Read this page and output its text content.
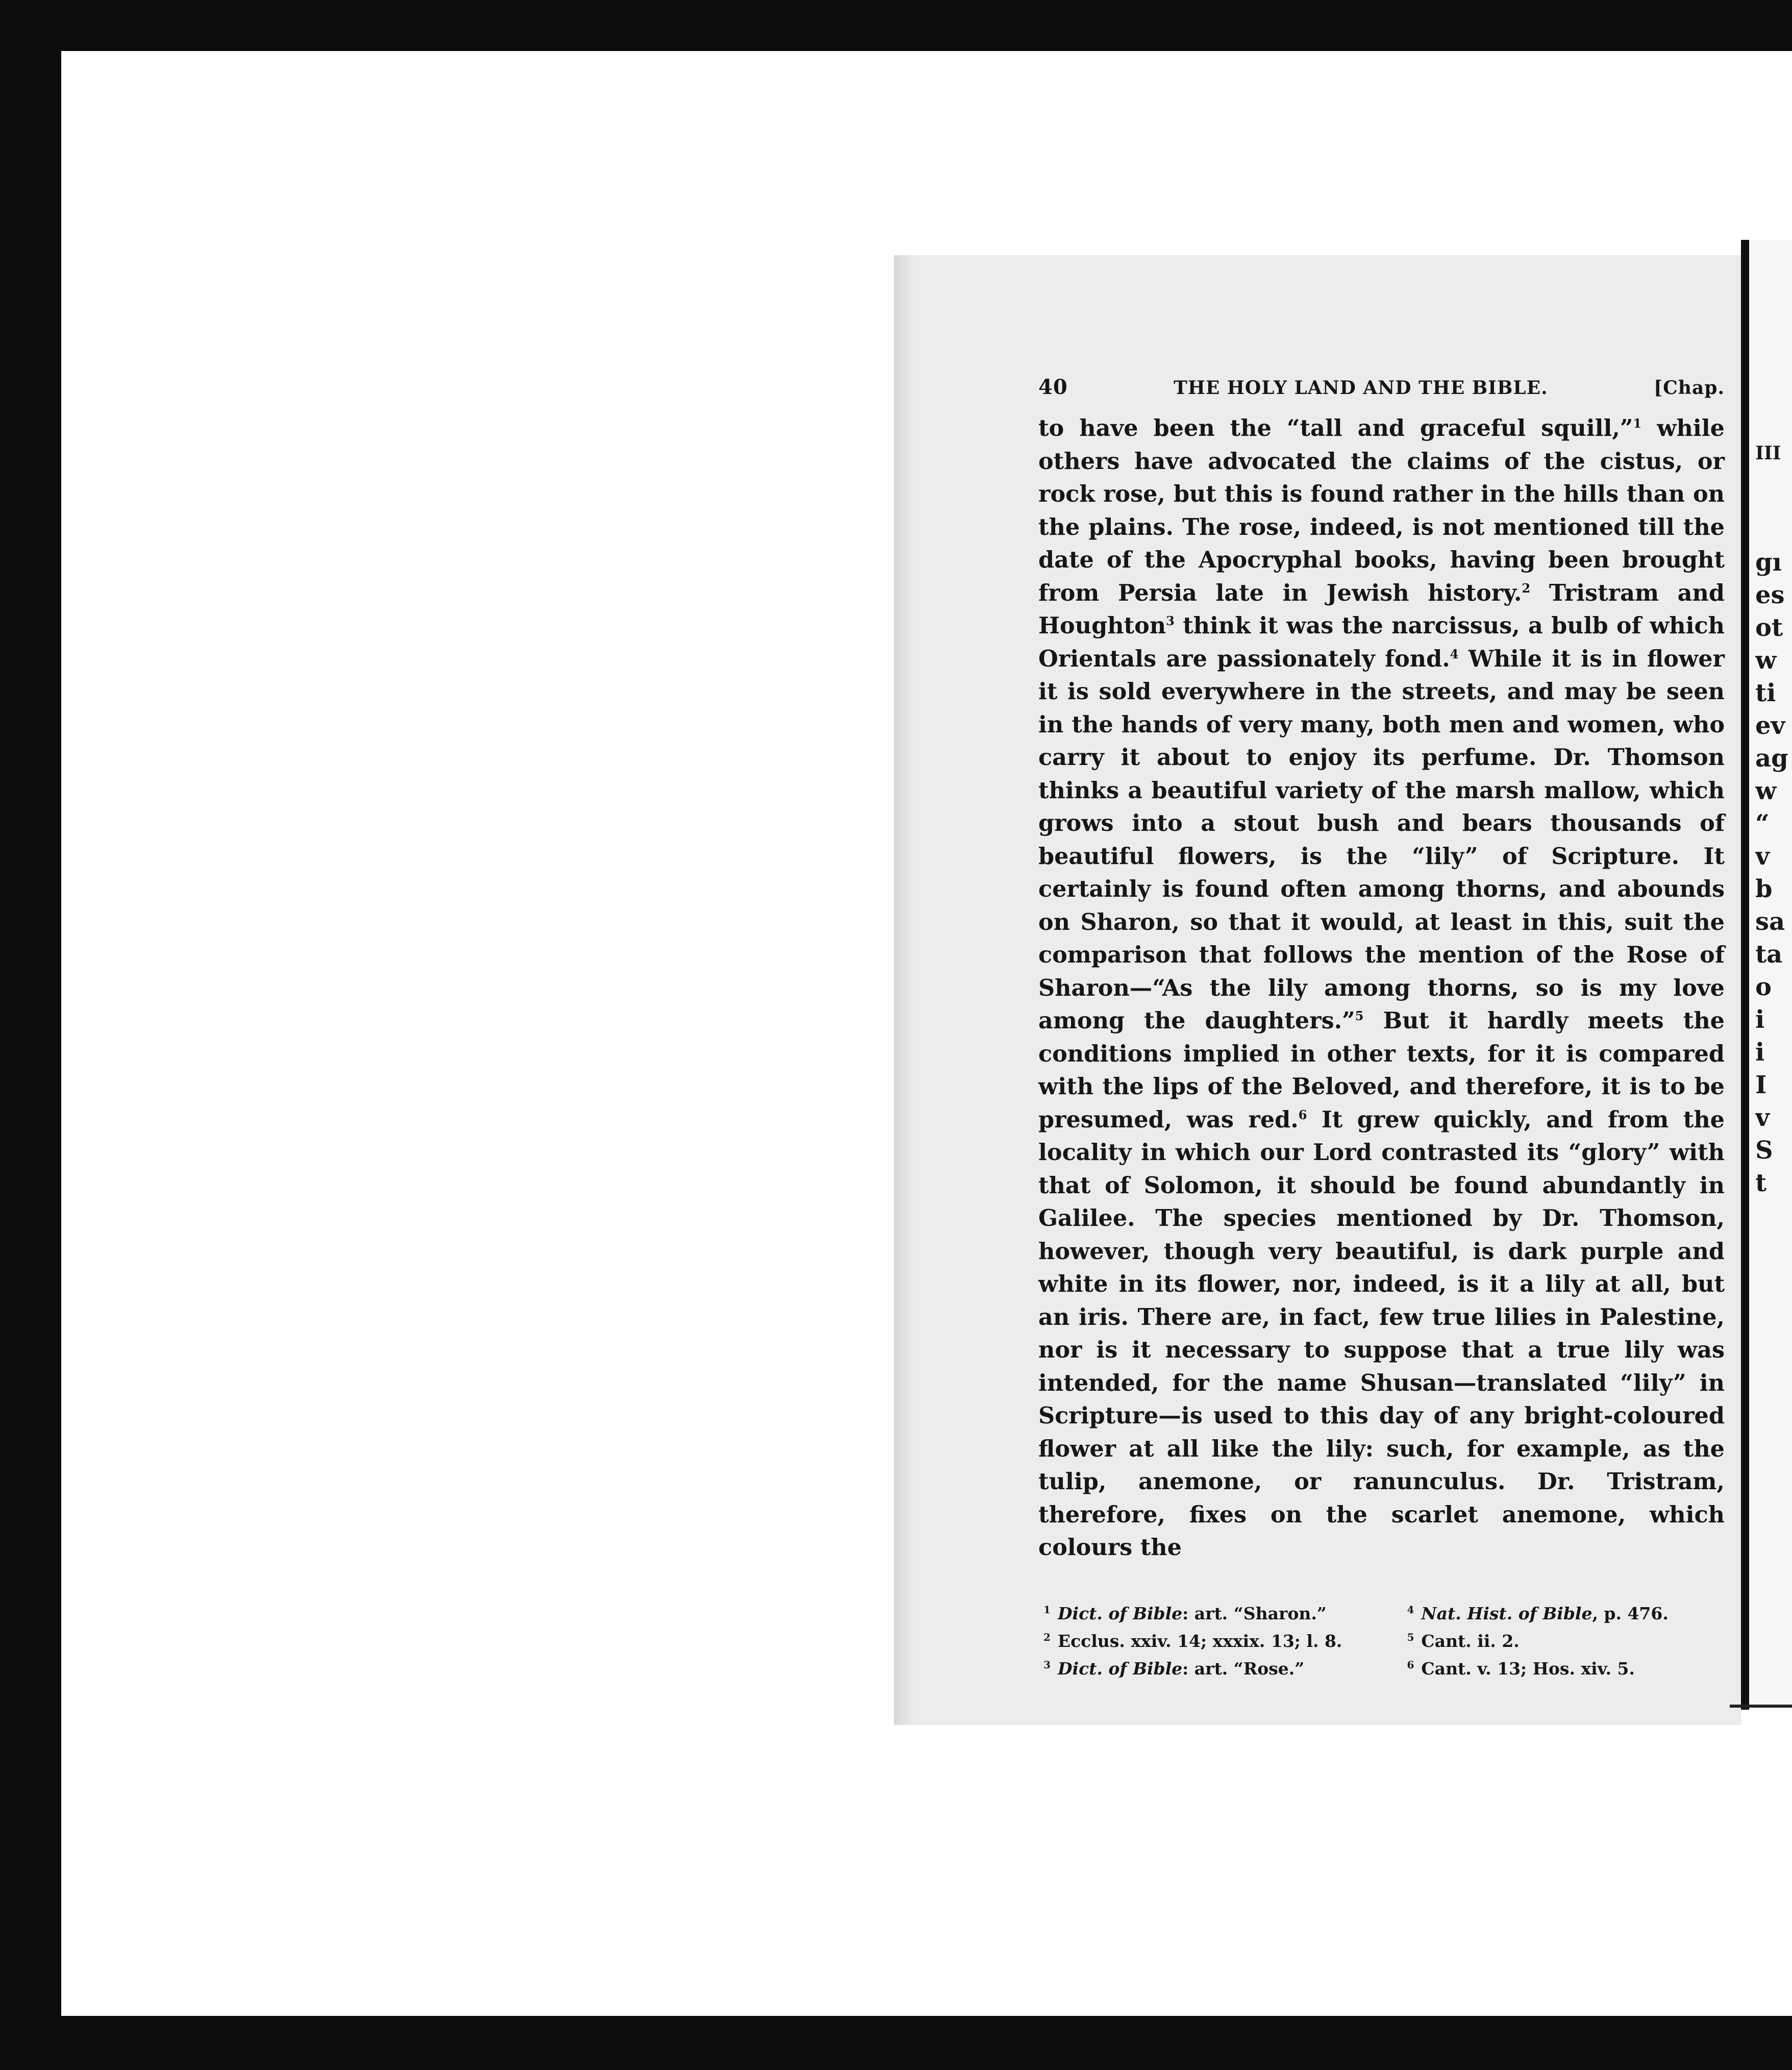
III

gı
es
ot
w
ti
eᴠ
ag
w
“
v
b
sa
ta
o
i
i
I
v
S
t

40	THE HOLY LAND AND THE BIBLE.	[Chap.

to have been the “tall and graceful squill,”$^1$ while others have advocated the claims of the cistus, or rock rose, but this is found rather in the hills than on the plains. The rose, indeed, is not mentioned till the date of the Apocryphal books, having been brought from Persia late in Jewish history.$^2$ Tristram and Houghton$^3$ think it was the narcissus, a bulb of which Orientals are passionately fond.$^4$ While it is in flower it is sold everywhere in the streets, and may be seen in the hands of very many, both men and women, who carry it about to enjoy its perfume. Dr. Thomson thinks a beautiful variety of the marsh mallow, which grows into a stout bush and bears thousands of beautiful flowers, is the “lily” of Scripture. It certainly is found often among thorns, and abounds on Sharon, so that it would, at least in this, suit the comparison that follows the mention of the Rose of Sharon—“As the lily among thorns, so is my love among the daughters.”$^5$ But it hardly meets the conditions implied in other texts, for it is compared with the lips of the Beloved, and therefore, it is to be presumed, was red.$^6$ It grew quickly, and from the locality in which our Lord contrasted its “glory” with that of Solomon, it should be found abundantly in Galilee. The species mentioned by Dr. Thomson, however, though very beautiful, is dark purple and white in its flower, nor, indeed, is it a lily at all, but an iris. There are, in fact, few true lilies in Palestine, nor is it necessary to suppose that a true lily was intended, for the name Shusan—translated “lily” in Scripture—is used to this day of any bright-coloured flower at all like the lily: such, for example, as the tulip, anemone, or ranunculus. Dr. Tristram, therefore, fixes on the scarlet anemone, which colours the

$^1$ Dict. of Bible: art. “Sharon.”	$^4$ Nat. Hist. of Bible, p. 476.
$^2$ Ecclus. xxiv. 14; xxxix. 13; l. 8.	$^5$ Cant. ii. 2.
$^3$ Dict. of Bible: art. “Rose.”	$^6$ Cant. v. 13; Hos. xiv. 5.
